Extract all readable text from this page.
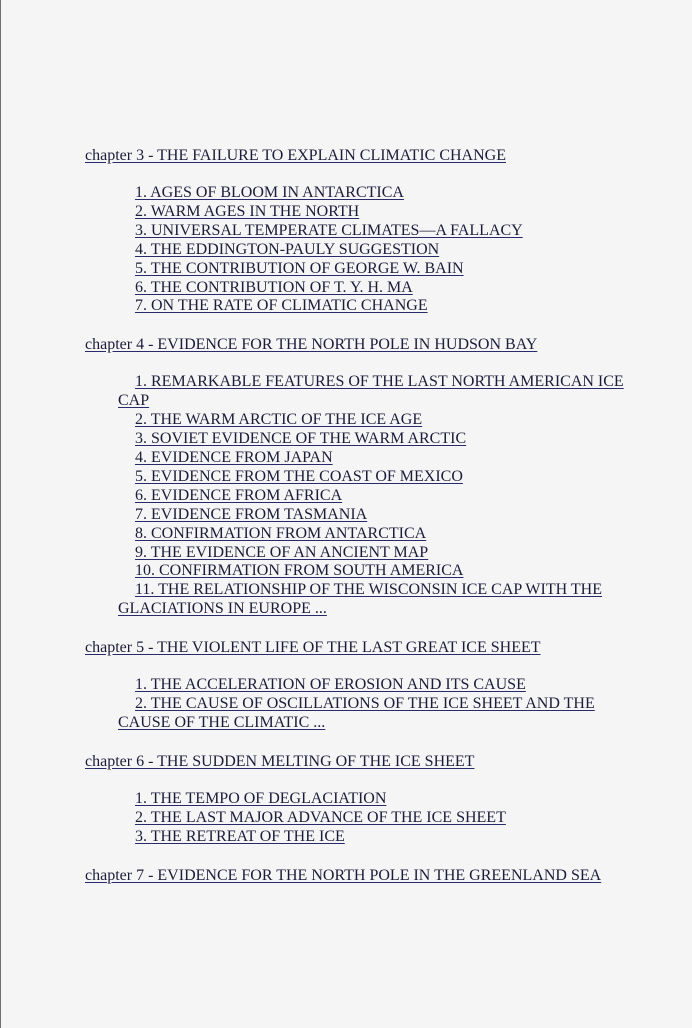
chapter 3 - THE FAILURE TO EXPLAIN CLIMATIC CHANGE
1. AGES OF BLOOM IN ANTARCTICA
2. WARM AGES IN THE NORTH
3. UNIVERSAL TEMPERATE CLIMATES—A FALLACY
4. THE EDDINGTON-PAULY SUGGESTION
5. THE CONTRIBUTION OF GEORGE W. BAIN
6. THE CONTRIBUTION OF T. Y. H. MA
7. ON THE RATE OF CLIMATIC CHANGE
chapter 4 - EVIDENCE FOR THE NORTH POLE IN HUDSON BAY
1. REMARKABLE FEATURES OF THE LAST NORTH AMERICAN ICE CAP
2. THE WARM ARCTIC OF THE ICE AGE
3. SOVIET EVIDENCE OF THE WARM ARCTIC
4. EVIDENCE FROM JAPAN
5. EVIDENCE FROM THE COAST OF MEXICO
6. EVIDENCE FROM AFRICA
7. EVIDENCE FROM TASMANIA
8. CONFIRMATION FROM ANTARCTICA
9. THE EVIDENCE OF AN ANCIENT MAP
10. CONFIRMATION FROM SOUTH AMERICA
11. THE RELATIONSHIP OF THE WISCONSIN ICE CAP WITH THE GLACIATIONS IN EUROPE ...
chapter 5 - THE VIOLENT LIFE OF THE LAST GREAT ICE SHEET
1. THE ACCELERATION OF EROSION AND ITS CAUSE
2. THE CAUSE OF OSCILLATIONS OF THE ICE SHEET AND THE CAUSE OF THE CLIMATIC ...
chapter 6 - THE SUDDEN MELTING OF THE ICE SHEET
1. THE TEMPO OF DEGLACIATION
2. THE LAST MAJOR ADVANCE OF THE ICE SHEET
3. THE RETREAT OF THE ICE
chapter 7 - EVIDENCE FOR THE NORTH POLE IN THE GREENLAND SEA
